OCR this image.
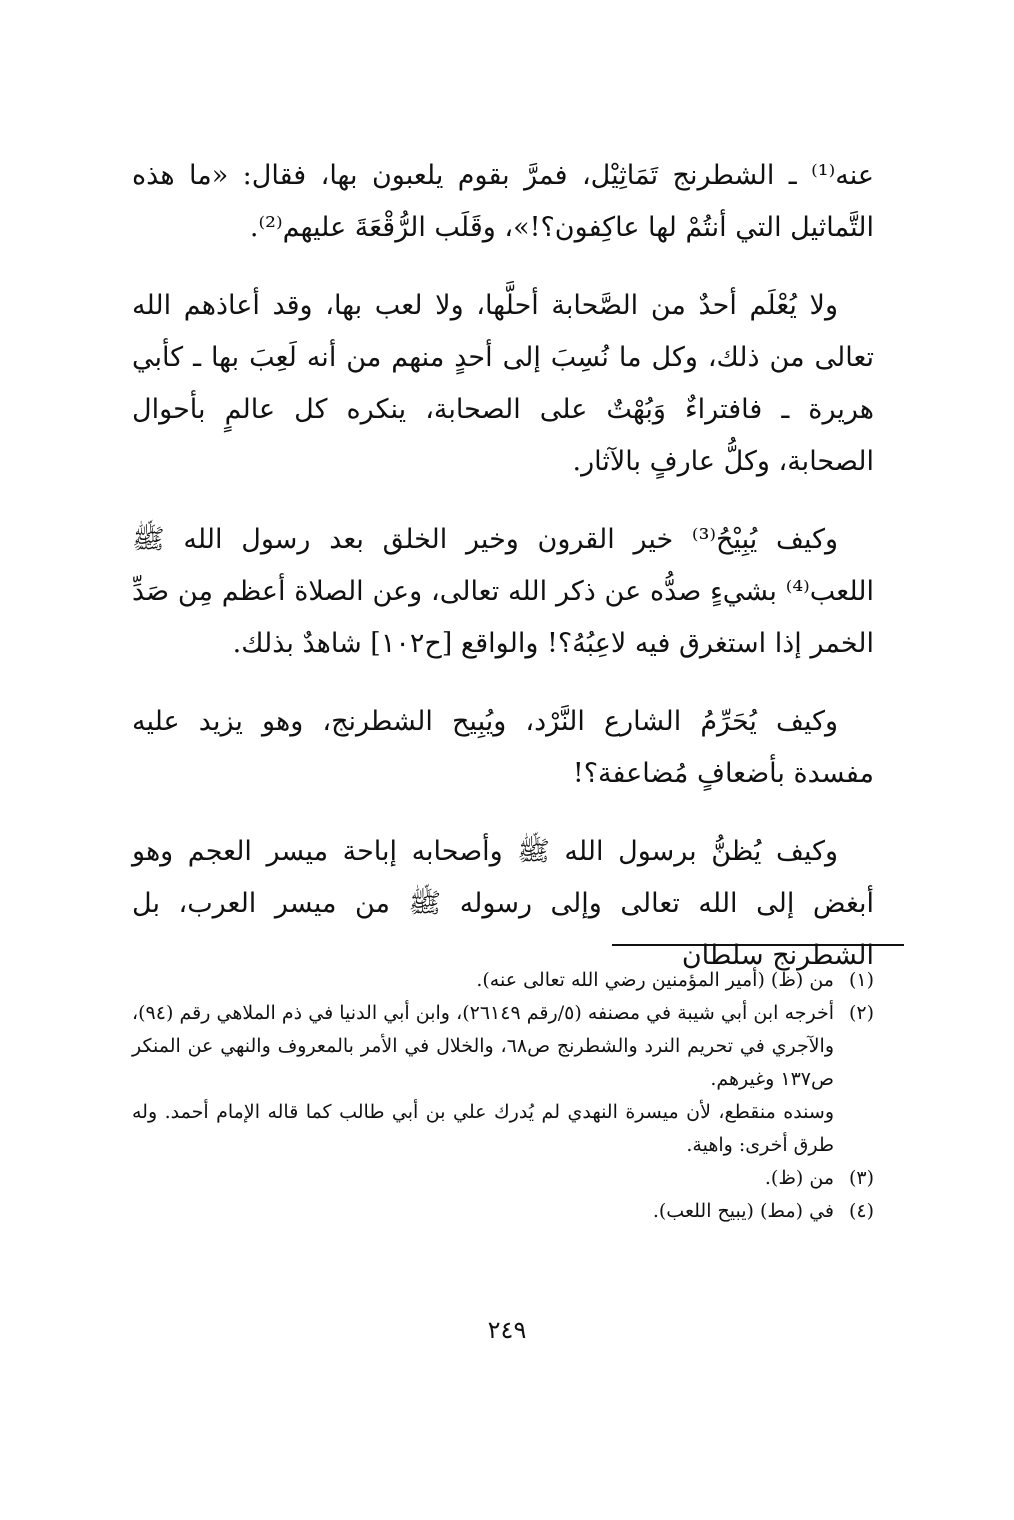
عنه⁽¹⁾ ـ الشطرنج تَمَاثِيْل، فمرَّ بقوم يلعبون بها، فقال: «ما هذه التَّماثيل التي أنتُمْ لها عاكِفون؟!»، وقَلَب الرُّقْعَةَ عليهم⁽²⁾.

ولا يُعْلَم أحدٌ من الصَّحابة أحلَّها، ولا لعب بها، وقد أعاذهم الله تعالى من ذلك، وكل ما نُسِبَ إلى أحدٍ منهم من أنه لَعِبَ بها ـ كأبي هريرة ـ فافتراءٌ وَبُهْتٌ على الصحابة، ينكره كل عالمٍ بأحوال الصحابة، وكلُّ عارفٍ بالآثار.

وكيف يُبِيْحُ⁽³⁾ خير القرون وخير الخلق بعد رسول الله ﷺ اللعب⁽⁴⁾ بشيءٍ صدُّه عن ذكر الله تعالى، وعن الصلاة أعظم مِن صَدِّ الخمر إذا استغرق فيه لاعِبُهُ؟! والواقع [ح١٠٢] شاهدٌ بذلك.

وكيف يُحَرِّمُ الشارع النَّرْد، ويُبِيح الشطرنج، وهو يزيد عليه مفسدة بأضعافٍ مُضاعفة؟!

وكيف يُظنُّ برسول الله ﷺ وأصحابه إباحة ميسر العجم وهو أبغض إلى الله تعالى وإلى رسوله ﷺ من ميسر العرب، بل الشطرنج سلطان

(١)
من (ظ) (أمير المؤمنين رضي الله تعالى عنه).
(٢)
أخرجه ابن أبي شيبة في مصنفه (٥/رقم ٢٦١٤٩)، وابن أبي الدنيا في ذم الملاهي رقم (٩٤)، والآجري في تحريم النرد والشطرنج ص٦٨، والخلال في الأمر بالمعروف والنهي عن المنكر ص١٣٧ وغيرهم.
وسنده منقطع، لأن ميسرة النهدي لم يُدرك علي بن أبي طالب كما قاله الإمام أحمد. وله طرق أخرى: واهية.
(٣)
من (ظ).
(٤)
في (مط) (يبيح اللعب).
٢٤٩
